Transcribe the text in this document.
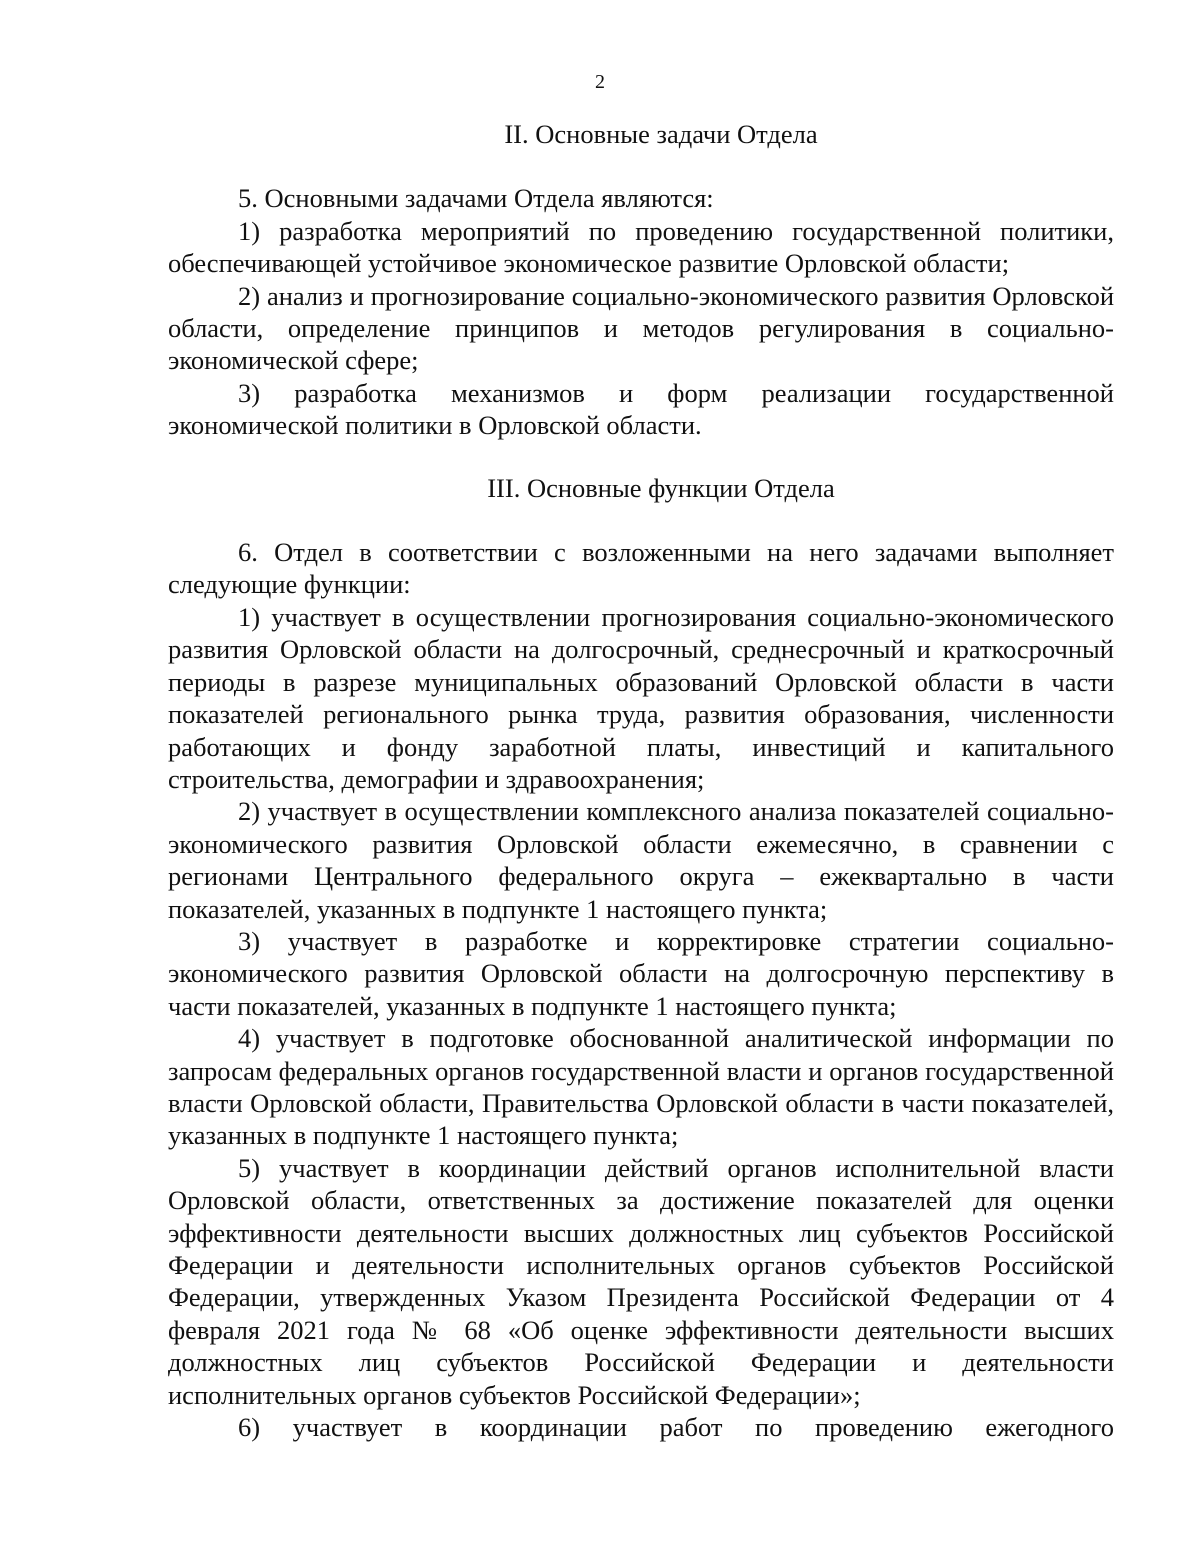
2

II. Основные задачи Отдела

5. Основными задачами Отдела являются:

1) разработка мероприятий по проведению государственной политики, обеспечивающей устойчивое экономическое развитие Орловской области;

2) анализ и прогнозирование социально-экономического развития Орловской области, определение принципов и методов регулирования в социально-экономической сфере;

3) разработка механизмов и форм реализации государственной экономической политики в Орловской области.

III. Основные функции Отдела

6. Отдел в соответствии с возложенными на него задачами выполняет следующие функции:

1) участвует в осуществлении прогнозирования социально-экономического развития Орловской области на долгосрочный, среднесрочный и краткосрочный периоды в разрезе муниципальных образований Орловской области в части показателей регионального рынка труда, развития образования, численности работающих и фонду заработной платы, инвестиций и капитального строительства, демографии и здравоохранения;

2) участвует в осуществлении комплексного анализа показателей социально-экономического развития Орловской области ежемесячно, в сравнении с регионами Центрального федерального округа – ежеквартально в части показателей, указанных в подпункте 1 настоящего пункта;

3) участвует в разработке и корректировке стратегии социально-экономического развития Орловской области на долгосрочную перспективу в части показателей, указанных в подпункте 1 настоящего пункта;

4) участвует в подготовке обоснованной аналитической информации по запросам федеральных органов государственной власти и органов государственной власти Орловской области, Правительства Орловской области в части показателей, указанных в подпункте 1 настоящего пункта;

5) участвует в координации действий органов исполнительной власти Орловской области, ответственных за достижение показателей для оценки эффективности деятельности высших должностных лиц субъектов Российской Федерации и деятельности исполнительных органов субъектов Российской Федерации, утвержденных Указом Президента Российской Федерации от 4 февраля 2021 года № 68 «Об оценке эффективности деятельности высших должностных лиц субъектов Российской Федерации и деятельности исполнительных органов субъектов Российской Федерации»;

6) участвует в координации работ по проведению ежегодного
